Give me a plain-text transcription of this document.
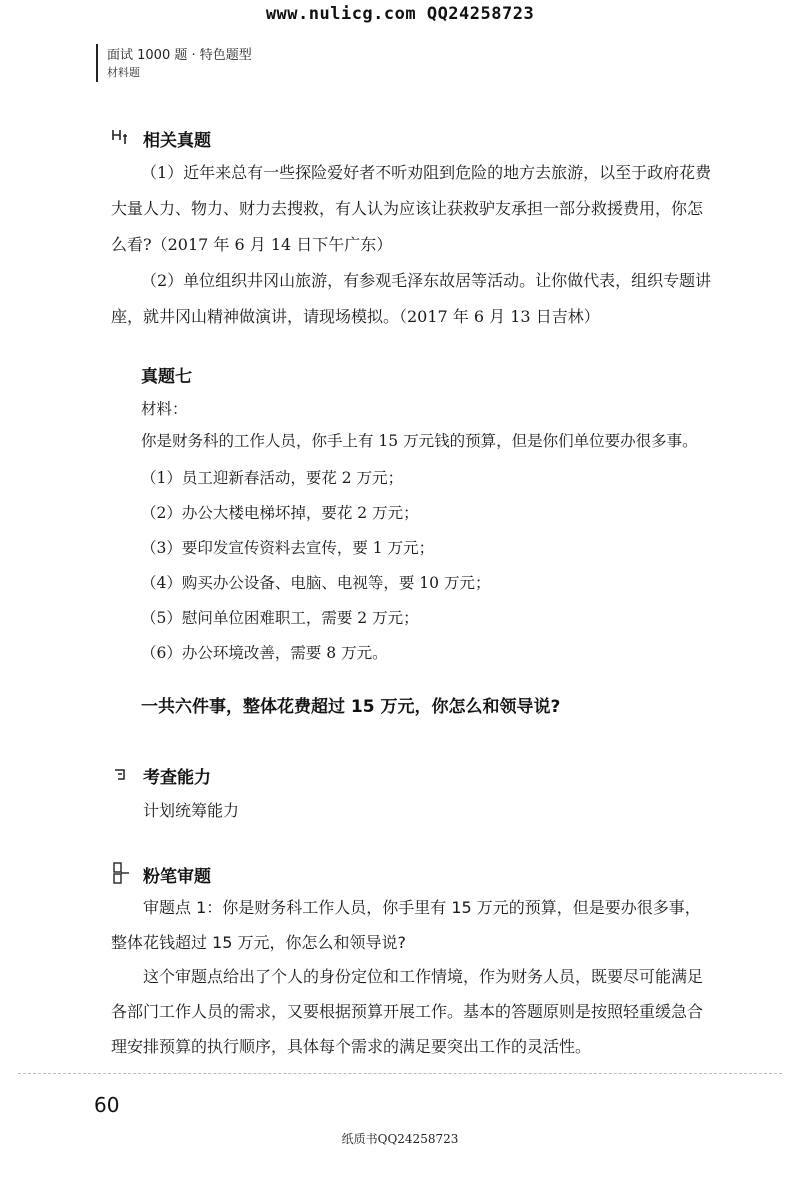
www.nulicg.com QQ24258723
面试 1000 题 · 特色题型
材料题
相关真题
（1）近年来总有一些探险爱好者不听劝阻到危险的地方去旅游，以至于政府花费
大量人力、物力、财力去搜救，有人认为应该让获救驴友承担一部分救援费用，你怎
么看?（2017 年 6 月 14 日下午广东）
（2）单位组织井冈山旅游，有参观毛泽东故居等活动。让你做代表，组织专题讲
座，就井冈山精神做演讲，请现场模拟。（2017 年 6 月 13 日吉林）
真题七
材料：
你是财务科的工作人员，你手上有 15 万元钱的预算，但是你们单位要办很多事。
（1）员工迎新春活动，要花 2 万元；
（2）办公大楼电梯坏掉，要花 2 万元；
（3）要印发宣传资料去宣传，要 1 万元；
（4）购买办公设备、电脑、电视等，要 10 万元；
（5）慰问单位困难职工，需要 2 万元；
（6）办公环境改善，需要 8 万元。
一共六件事，整体花费超过 15 万元，你怎么和领导说?
考查能力
计划统筹能力
粉笔审题
审题点 1：你是财务科工作人员，你手里有 15 万元的预算，但是要办很多事，
整体花钱超过 15 万元，你怎么和领导说?
这个审题点给出了个人的身份定位和工作情境，作为财务人员，既要尽可能满足
各部门工作人员的需求，又要根据预算开展工作。基本的答题原则是按照轻重缓急合
理安排预算的执行顺序，具体每个需求的满足要突出工作的灵活性。
60
纸质书QQ24258723
